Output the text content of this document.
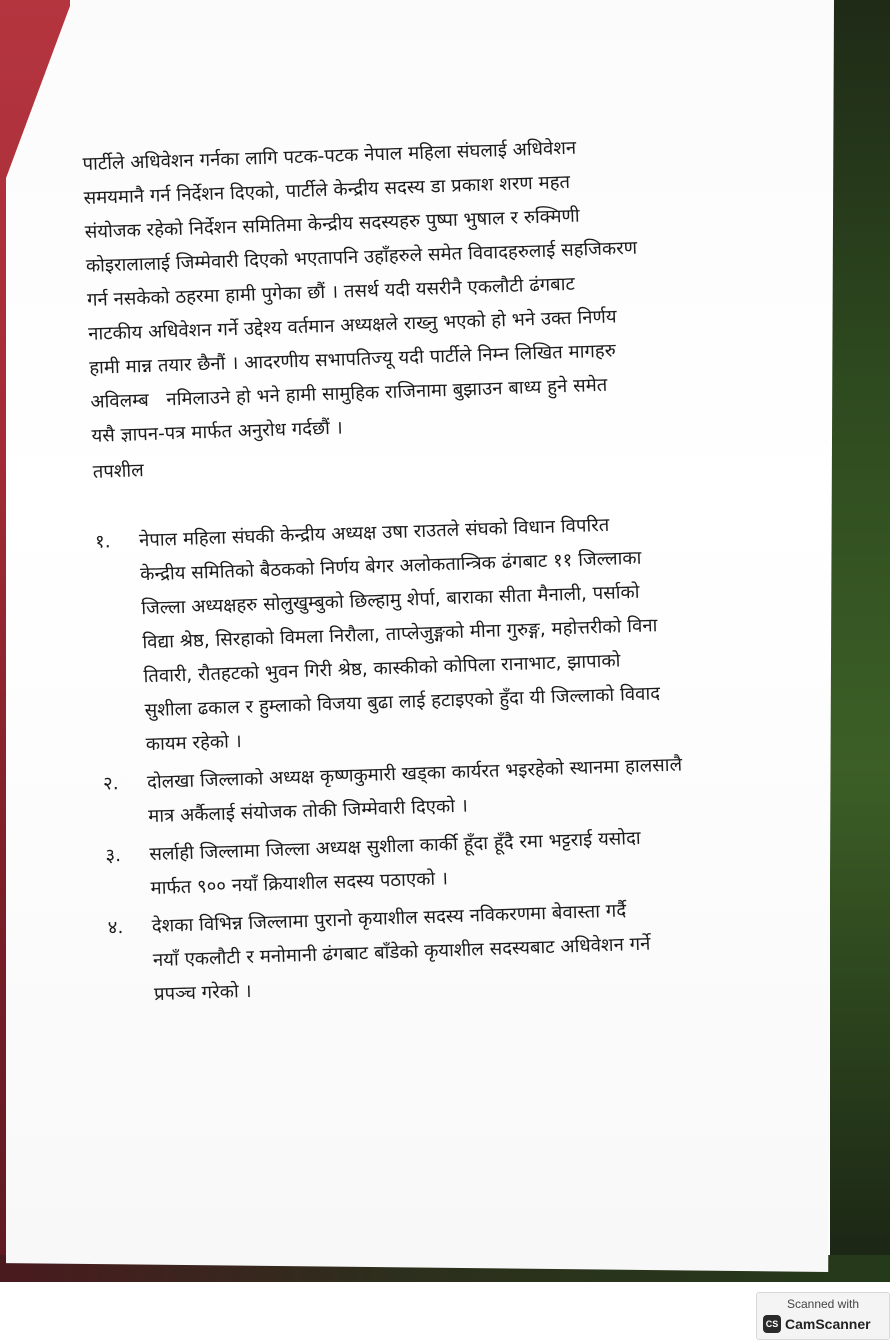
पार्टीले अधिवेशन गर्नका लागि पटक-पटक नेपाल महिला संघलाई अधिवेशन
समयमानै गर्न निर्देशन दिएको, पार्टीले केन्द्रीय सदस्य डा प्रकाश शरण महत
संयोजक रहेको निर्देशन समितिमा केन्द्रीय सदस्यहरु पुष्पा भुषाल र रुक्मिणी
कोइरालालाई जिम्मेवारी दिएको भएतापनि उहाँहरुले समेत विवादहरुलाई सहजिकरण
गर्न नसकेको ठहरमा हामी पुगेका छौं । तसर्थ यदी यसरीनै एकलौटी ढंगबाट
नाटकीय अधिवेशन गर्ने उद्देश्य वर्तमान अध्यक्षले राख्नु भएको हो भने उक्त निर्णय
हामी मान्न तयार छैनौं । आदरणीय सभापतिज्यू यदी पार्टीले निम्न लिखित मागहरु
अविलम्ब   नमिलाउने हो भने हामी सामुहिक राजिनामा बुझाउन बाध्य हुने समेत
यसै ज्ञापन-पत्र मार्फत अनुरोध गर्दछौं ।
तपशील
१.	नेपाल महिला संघकी केन्द्रीय अध्यक्ष उषा राउतले संघको विधान विपरित
केन्द्रीय समितिको बैठकको निर्णय बेगर अलोकतान्त्रिक ढंगबाट ११ जिल्लाका
जिल्ला अध्यक्षहरु सोलुखुम्बुको छिल्हामु शेर्पा, बाराका सीता मैनाली, पर्साको
विद्या श्रेष्ठ, सिरहाको विमला निरौला, ताप्लेजुङ्गको मीना गुरुङ्ग, महोत्तरीको विना
तिवारी, रौतहटको भुवन गिरी श्रेष्ठ, कास्कीको कोपिला रानाभाट, झापाको
सुशीला ढकाल र हुम्लाको विजया बुढा लाई हटाइएको हुँदा यी जिल्लाको विवाद
कायम रहेको ।
२.	दोलखा जिल्लाको अध्यक्ष कृष्णकुमारी खड्का कार्यरत भइरहेको स्थानमा हालसालै
मात्र अर्कैलाई संयोजक तोकी जिम्मेवारी दिएको ।
३.	सर्लाही जिल्लामा जिल्ला अध्यक्ष सुशीला कार्की हूँदा हूँदै रमा भट्टराई यसोदा
मार्फत ९०० नयाँ क्रियाशील सदस्य पठाएको ।
४.	देशका विभिन्न जिल्लामा पुरानो कृयाशील सदस्य नविकरणमा बेवास्ता गर्दै
नयाँ एकलौटी र मनोमानी ढंगबाट बाँडेको कृयाशील सदस्यबाट अधिवेशन गर्ने
प्रपञ्च गरेको ।
Scanned with
CS CamScanner
